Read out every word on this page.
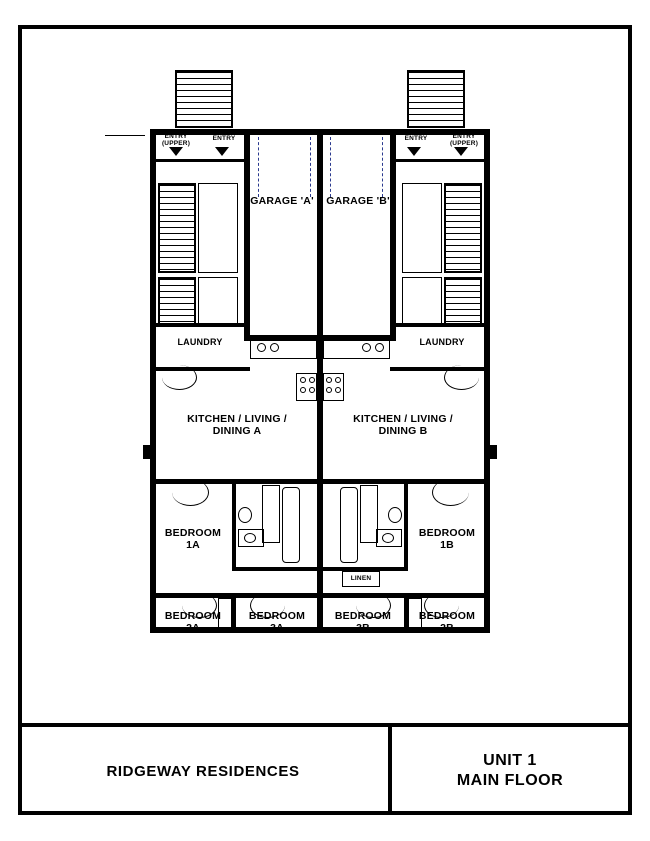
GARAGE 'A'	GARAGE 'B'
ENTRY
(UPPER)
ENTRY	ENTRY	ENTRY
(UPPER)
LAUNDRY	LAUNDRY
KITCHEN / LIVING /
DINING A
KITCHEN / LIVING /
DINING B
LINEN
BEDROOM
1A
BEDROOM
1B
BEDROOM
2A
BEDROOM
3A
BEDROOM
3B
BEDROOM
2B
RIDGEWAY RESIDENCES
UNIT 1
MAIN FLOOR
